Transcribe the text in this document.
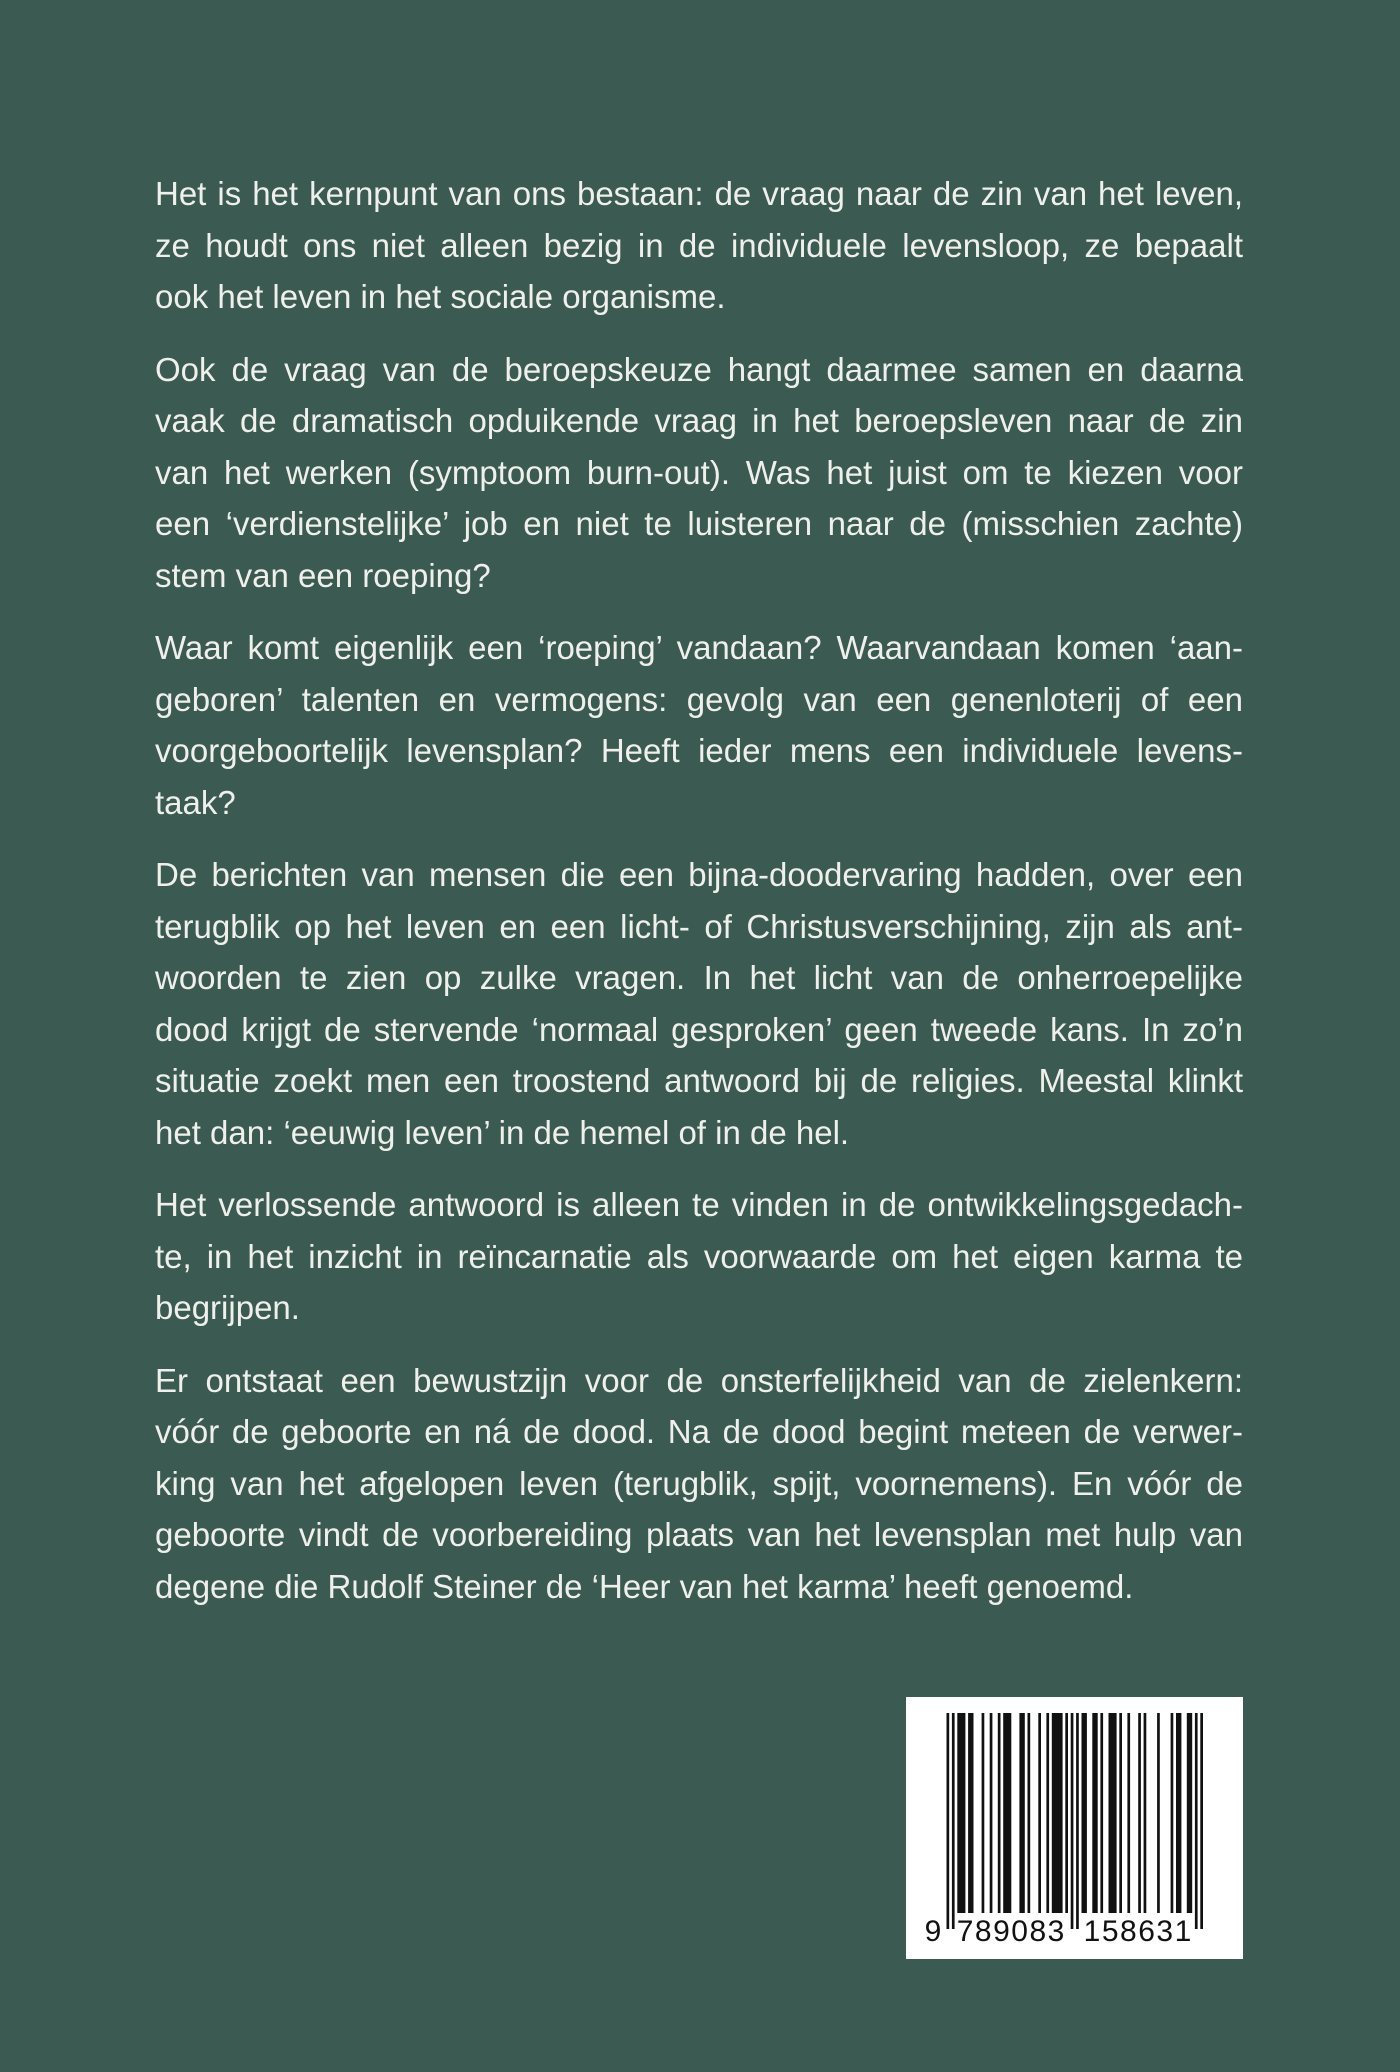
Het is het kernpunt van ons bestaan: de vraag naar de zin van het leven,
ze houdt ons niet alleen bezig in de individuele levensloop, ze bepaalt
ook het leven in het sociale organisme.
Ook de vraag van de beroepskeuze hangt daarmee samen en daarna
vaak de dramatisch opduikende vraag in het beroepsleven naar de zin
van het werken (symptoom burn-out). Was het juist om te kiezen voor
een ‘verdienstelijke’ job en niet te luisteren naar de (misschien zachte)
stem van een roeping?
Waar komt eigenlijk een ‘roeping’ vandaan? Waarvandaan komen ‘aan-
geboren’ talenten en vermogens: gevolg van een genenloterij of een
voorgeboortelijk levensplan? Heeft ieder mens een individuele levens-
taak?
De berichten van mensen die een bijna-doodervaring hadden, over een
terugblik op het leven en een licht- of Christusverschijning, zijn als ant-
woorden te zien op zulke vragen. In het licht van de onherroepelijke
dood krijgt de stervende ‘normaal gesproken’ geen tweede kans. In zo’n
situatie zoekt men een troostend antwoord bij de religies. Meestal klinkt
het dan: ‘eeuwig leven’ in de hemel of in de hel.
Het verlossende antwoord is alleen te vinden in de ontwikkelingsgedach-
te, in het inzicht in reïncarnatie als voorwaarde om het eigen karma te
begrijpen.
Er ontstaat een bewustzijn voor de onsterfelijkheid van de zielenkern:
vóór de geboorte en ná de dood. Na de dood begint meteen de verwer-
king van het afgelopen leven (terugblik, spijt, voornemens). En vóór de
geboorte vindt de voorbereiding plaats van het levensplan met hulp van
degene die Rudolf Steiner de ‘Heer van het karma’ heeft genoemd.
9 789083 158631
